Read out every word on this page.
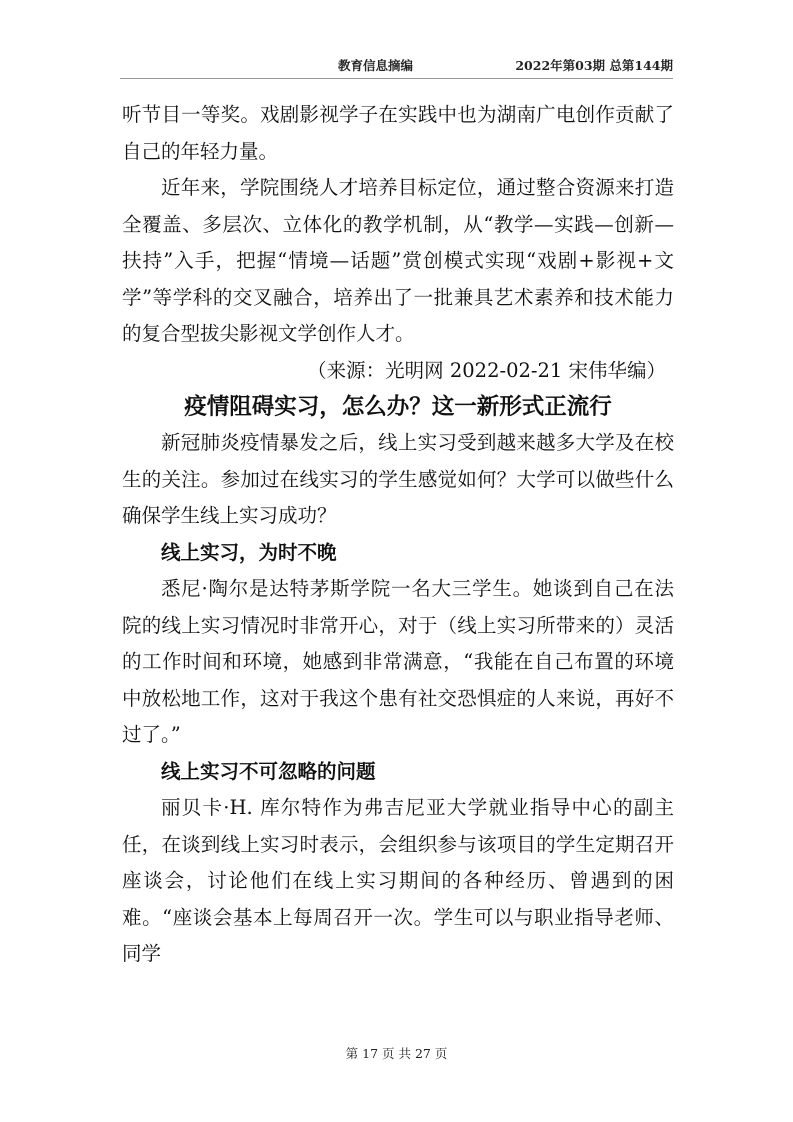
教育信息摘编	2022年第03期 总第144期

听节目一等奖。戏剧影视学子在实践中也为湖南广电创作贡献了自己的年轻力量。

近年来，学院围绕人才培养目标定位，通过整合资源来打造全覆盖、多层次、立体化的教学机制，从“教学—实践—创新—扶持”入手，把握“情境—话题”赏创模式实现“戏剧+影视+文学”等学科的交叉融合，培养出了一批兼具艺术素养和技术能力的复合型拔尖影视文学创作人才。

（来源：光明网 2022-02-21 宋伟华编）

疫情阻碍实习，怎么办？这一新形式正流行

新冠肺炎疫情暴发之后，线上实习受到越来越多大学及在校生的关注。参加过在线实习的学生感觉如何？大学可以做些什么确保学生线上实习成功？

线上实习，为时不晚

悉尼·陶尔是达特茅斯学院一名大三学生。她谈到自己在法院的线上实习情况时非常开心，对于（线上实习所带来的）灵活的工作时间和环境，她感到非常满意，“我能在自己布置的环境中放松地工作，这对于我这个患有社交恐惧症的人来说，再好不过了。”

线上实习不可忽略的问题

丽贝卡·H. 库尔特作为弗吉尼亚大学就业指导中心的副主任，在谈到线上实习时表示，会组织参与该项目的学生定期召开座谈会，讨论他们在线上实习期间的各种经历、曾遇到的困难。“座谈会基本上每周召开一次。学生可以与职业指导老师、同学

第 17 页 共 27 页
